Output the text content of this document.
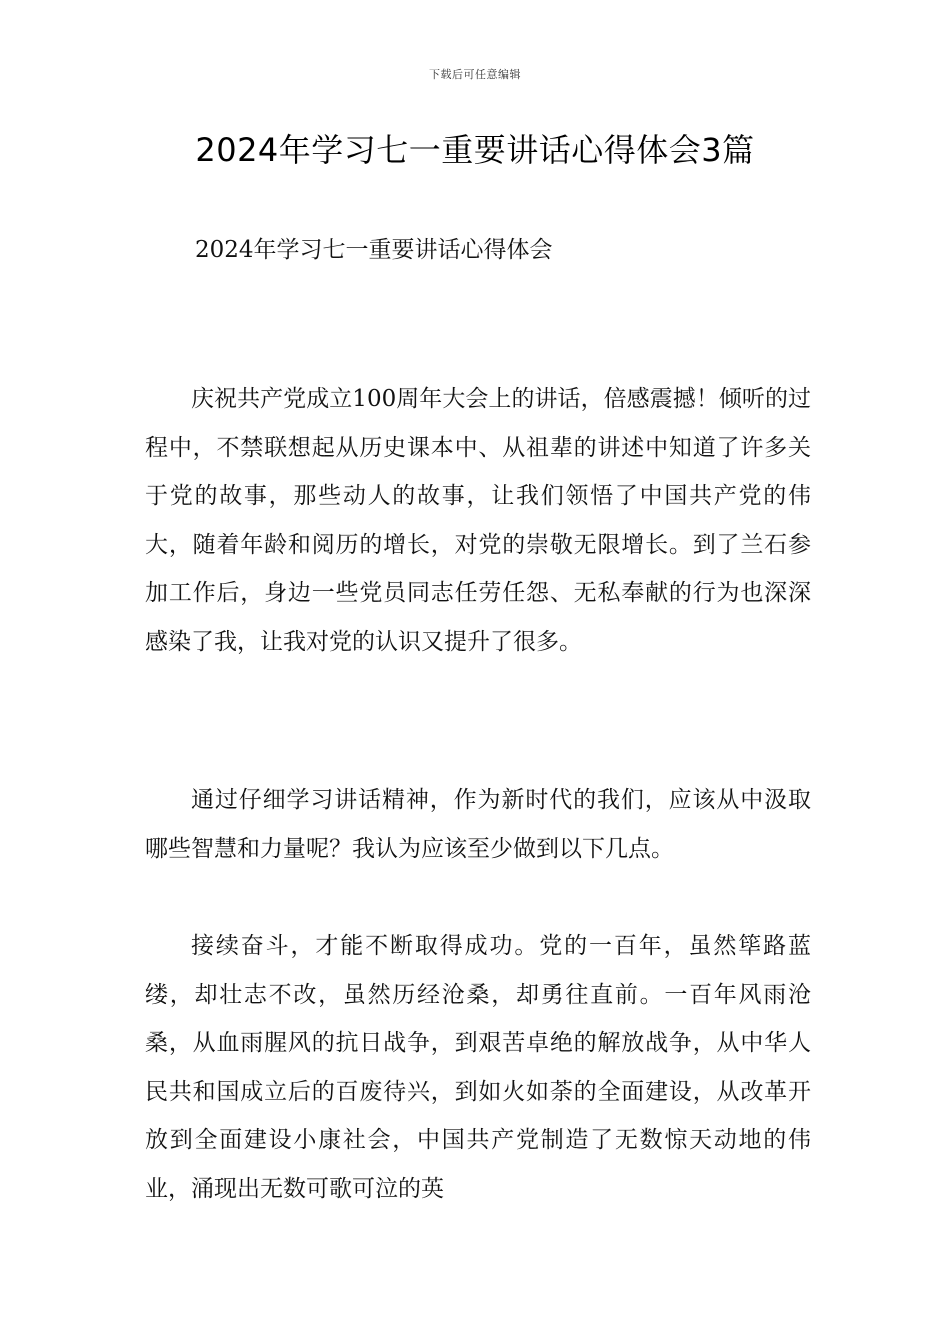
下载后可任意编辑
2024年学习七一重要讲话心得体会3篇
2024年学习七一重要讲话心得体会

庆祝共产党成立100周年大会上的讲话，倍感震撼！倾听的过程中，不禁联想起从历史课本中、从祖辈的讲述中知道了许多关于党的故事，那些动人的故事，让我们领悟了中国共产党的伟大，随着年龄和阅历的增长，对党的崇敬无限增长。到了兰石参加工作后，身边一些党员同志任劳任怨、无私奉献的行为也深深感染了我，让我对党的认识又提升了很多。

通过仔细学习讲话精神，作为新时代的我们，应该从中汲取哪些智慧和力量呢？我认为应该至少做到以下几点。

接续奋斗，才能不断取得成功。党的一百年，虽然筚路蓝缕，却壮志不改，虽然历经沧桑，却勇往直前。一百年风雨沧桑，从血雨腥风的抗日战争，到艰苦卓绝的解放战争，从中华人民共和国成立后的百废待兴，到如火如荼的全面建设，从改革开放到全面建设小康社会，中国共产党制造了无数惊天动地的伟业，涌现出无数可歌可泣的英
